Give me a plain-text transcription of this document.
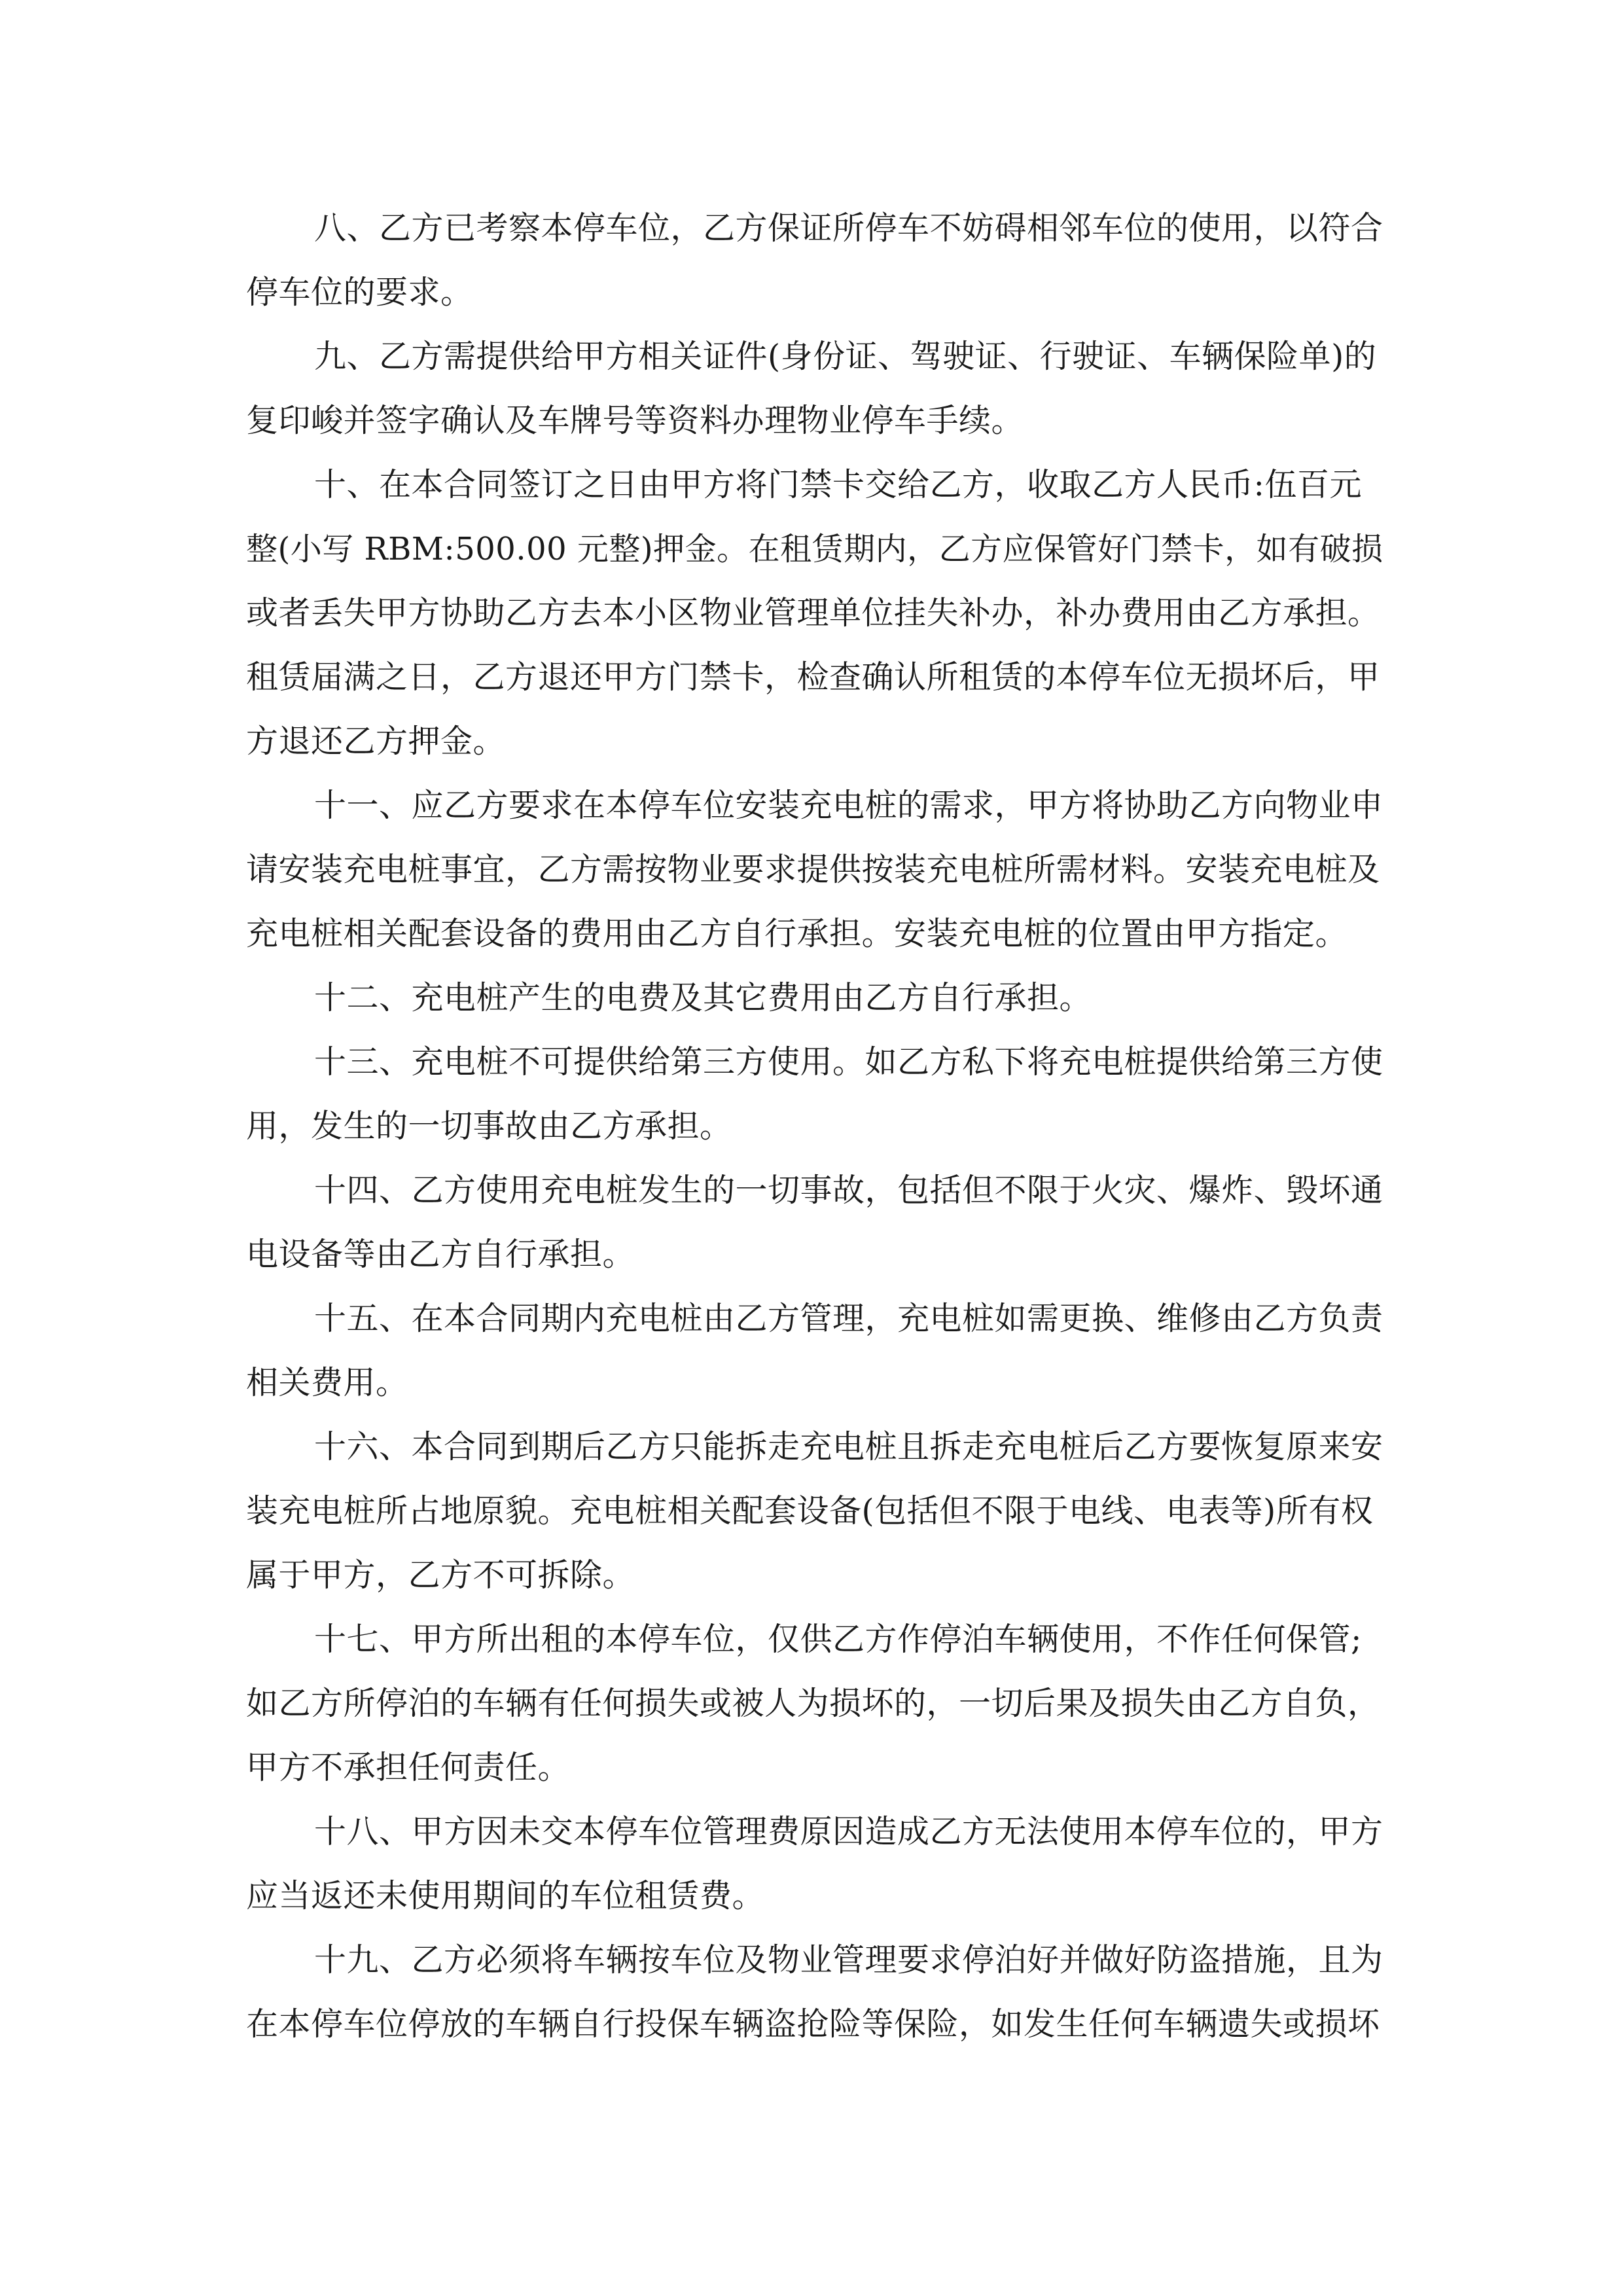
八、乙方已考察本停车位，乙方保证所停车不妨碍相邻车位的使用，以符合
停车位的要求。
九、乙方需提供给甲方相关证件(身份证、驾驶证、行驶证、车辆保险单)的
复印峻并签字确认及车牌号等资料办理物业停车手续。
十、在本合同签订之日由甲方将门禁卡交给乙方，收取乙方人民币:伍百元
整(小写 RBM:500.00 元整)押金。在租赁期内，乙方应保管好门禁卡，如有破损
或者丢失甲方协助乙方去本小区物业管理单位挂失补办，补办费用由乙方承担。
租赁届满之日，乙方退还甲方门禁卡，检查确认所租赁的本停车位无损坏后，甲
方退还乙方押金。
十一、应乙方要求在本停车位安装充电桩的需求，甲方将协助乙方向物业申
请安装充电桩事宜，乙方需按物业要求提供按装充电桩所需材料。安装充电桩及
充电桩相关配套设备的费用由乙方自行承担。安装充电桩的位置由甲方指定。
十二、充电桩产生的电费及其它费用由乙方自行承担。
十三、充电桩不可提供给第三方使用。如乙方私下将充电桩提供给第三方使
用，发生的一切事故由乙方承担。
十四、乙方使用充电桩发生的一切事故，包括但不限于火灾、爆炸、毁坏通
电设备等由乙方自行承担。
十五、在本合同期内充电桩由乙方管理，充电桩如需更换、维修由乙方负责
相关费用。
十六、本合同到期后乙方只能拆走充电桩且拆走充电桩后乙方要恢复原来安
装充电桩所占地原貌。充电桩相关配套设备(包括但不限于电线、电表等)所有权
属于甲方，乙方不可拆除。
十七、甲方所出租的本停车位，仅供乙方作停泊车辆使用，不作任何保管;
如乙方所停泊的车辆有任何损失或被人为损坏的，一切后果及损失由乙方自负，
甲方不承担任何责任。
十八、甲方因未交本停车位管理费原因造成乙方无法使用本停车位的，甲方
应当返还未使用期间的车位租赁费。
十九、乙方必须将车辆按车位及物业管理要求停泊好并做好防盗措施，且为
在本停车位停放的车辆自行投保车辆盗抢险等保险，如发生任何车辆遗失或损坏
